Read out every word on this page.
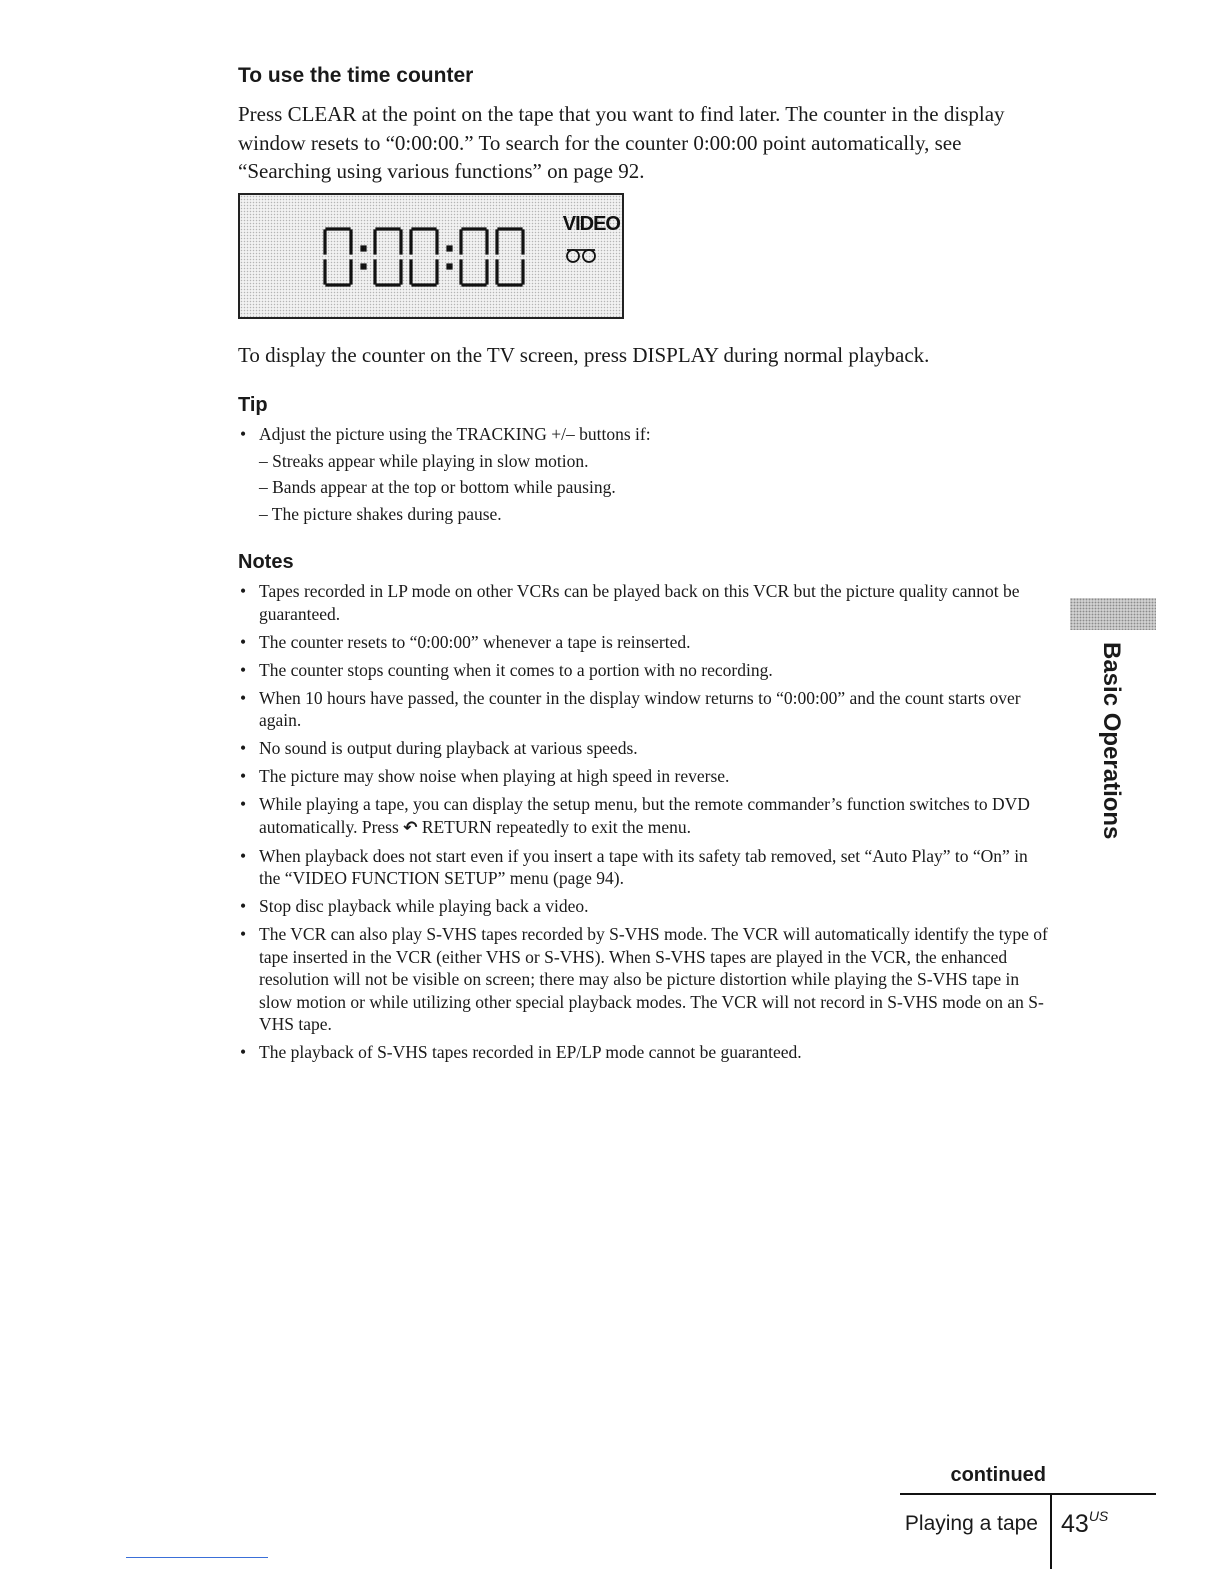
To use the time counter

Press CLEAR at the point on the tape that you want to find later. The counter in the display window resets to “0:00:00.” To search for the counter 0:00:00 point automatically, see “Searching using various functions” on page 92.

VIDEO

To display the counter on the TV screen, press DISPLAY during normal playback.

Tip
• Adjust the picture using the TRACKING +/– buttons if:
– Streaks appear while playing in slow motion.
– Bands appear at the top or bottom while pausing.
– The picture shakes during pause.
Notes
• Tapes recorded in LP mode on other VCRs can be played back on this VCR but the picture quality cannot be guaranteed.
• The counter resets to “0:00:00” whenever a tape is reinserted.
• The counter stops counting when it comes to a portion with no recording.
• When 10 hours have passed, the counter in the display window returns to “0:00:00” and the count starts over again.
• No sound is output during playback at various speeds.
• The picture may show noise when playing at high speed in reverse.
• While playing a tape, you can display the setup menu, but the remote commander’s function switches to DVD automatically. Press ↶ RETURN repeatedly to exit the menu.
• When playback does not start even if you insert a tape with its safety tab removed, set “Auto Play” to “On” in the “VIDEO FUNCTION SETUP” menu (page 94).
• Stop disc playback while playing back a video.
• The VCR can also play S-VHS tapes recorded by S-VHS mode. The VCR will automatically identify the type of tape inserted in the VCR (either VHS or S-VHS). When S-VHS tapes are played in the VCR, the enhanced resolution will not be visible on screen; there may also be picture distortion while playing the S-VHS tape in slow motion or while utilizing other special playback modes. The VCR will not record in S-VHS mode on an S-VHS tape.
• The playback of S-VHS tapes recorded in EP/LP mode cannot be guaranteed.
Basic Operations

continued

Playing a tape $43^{US}$
